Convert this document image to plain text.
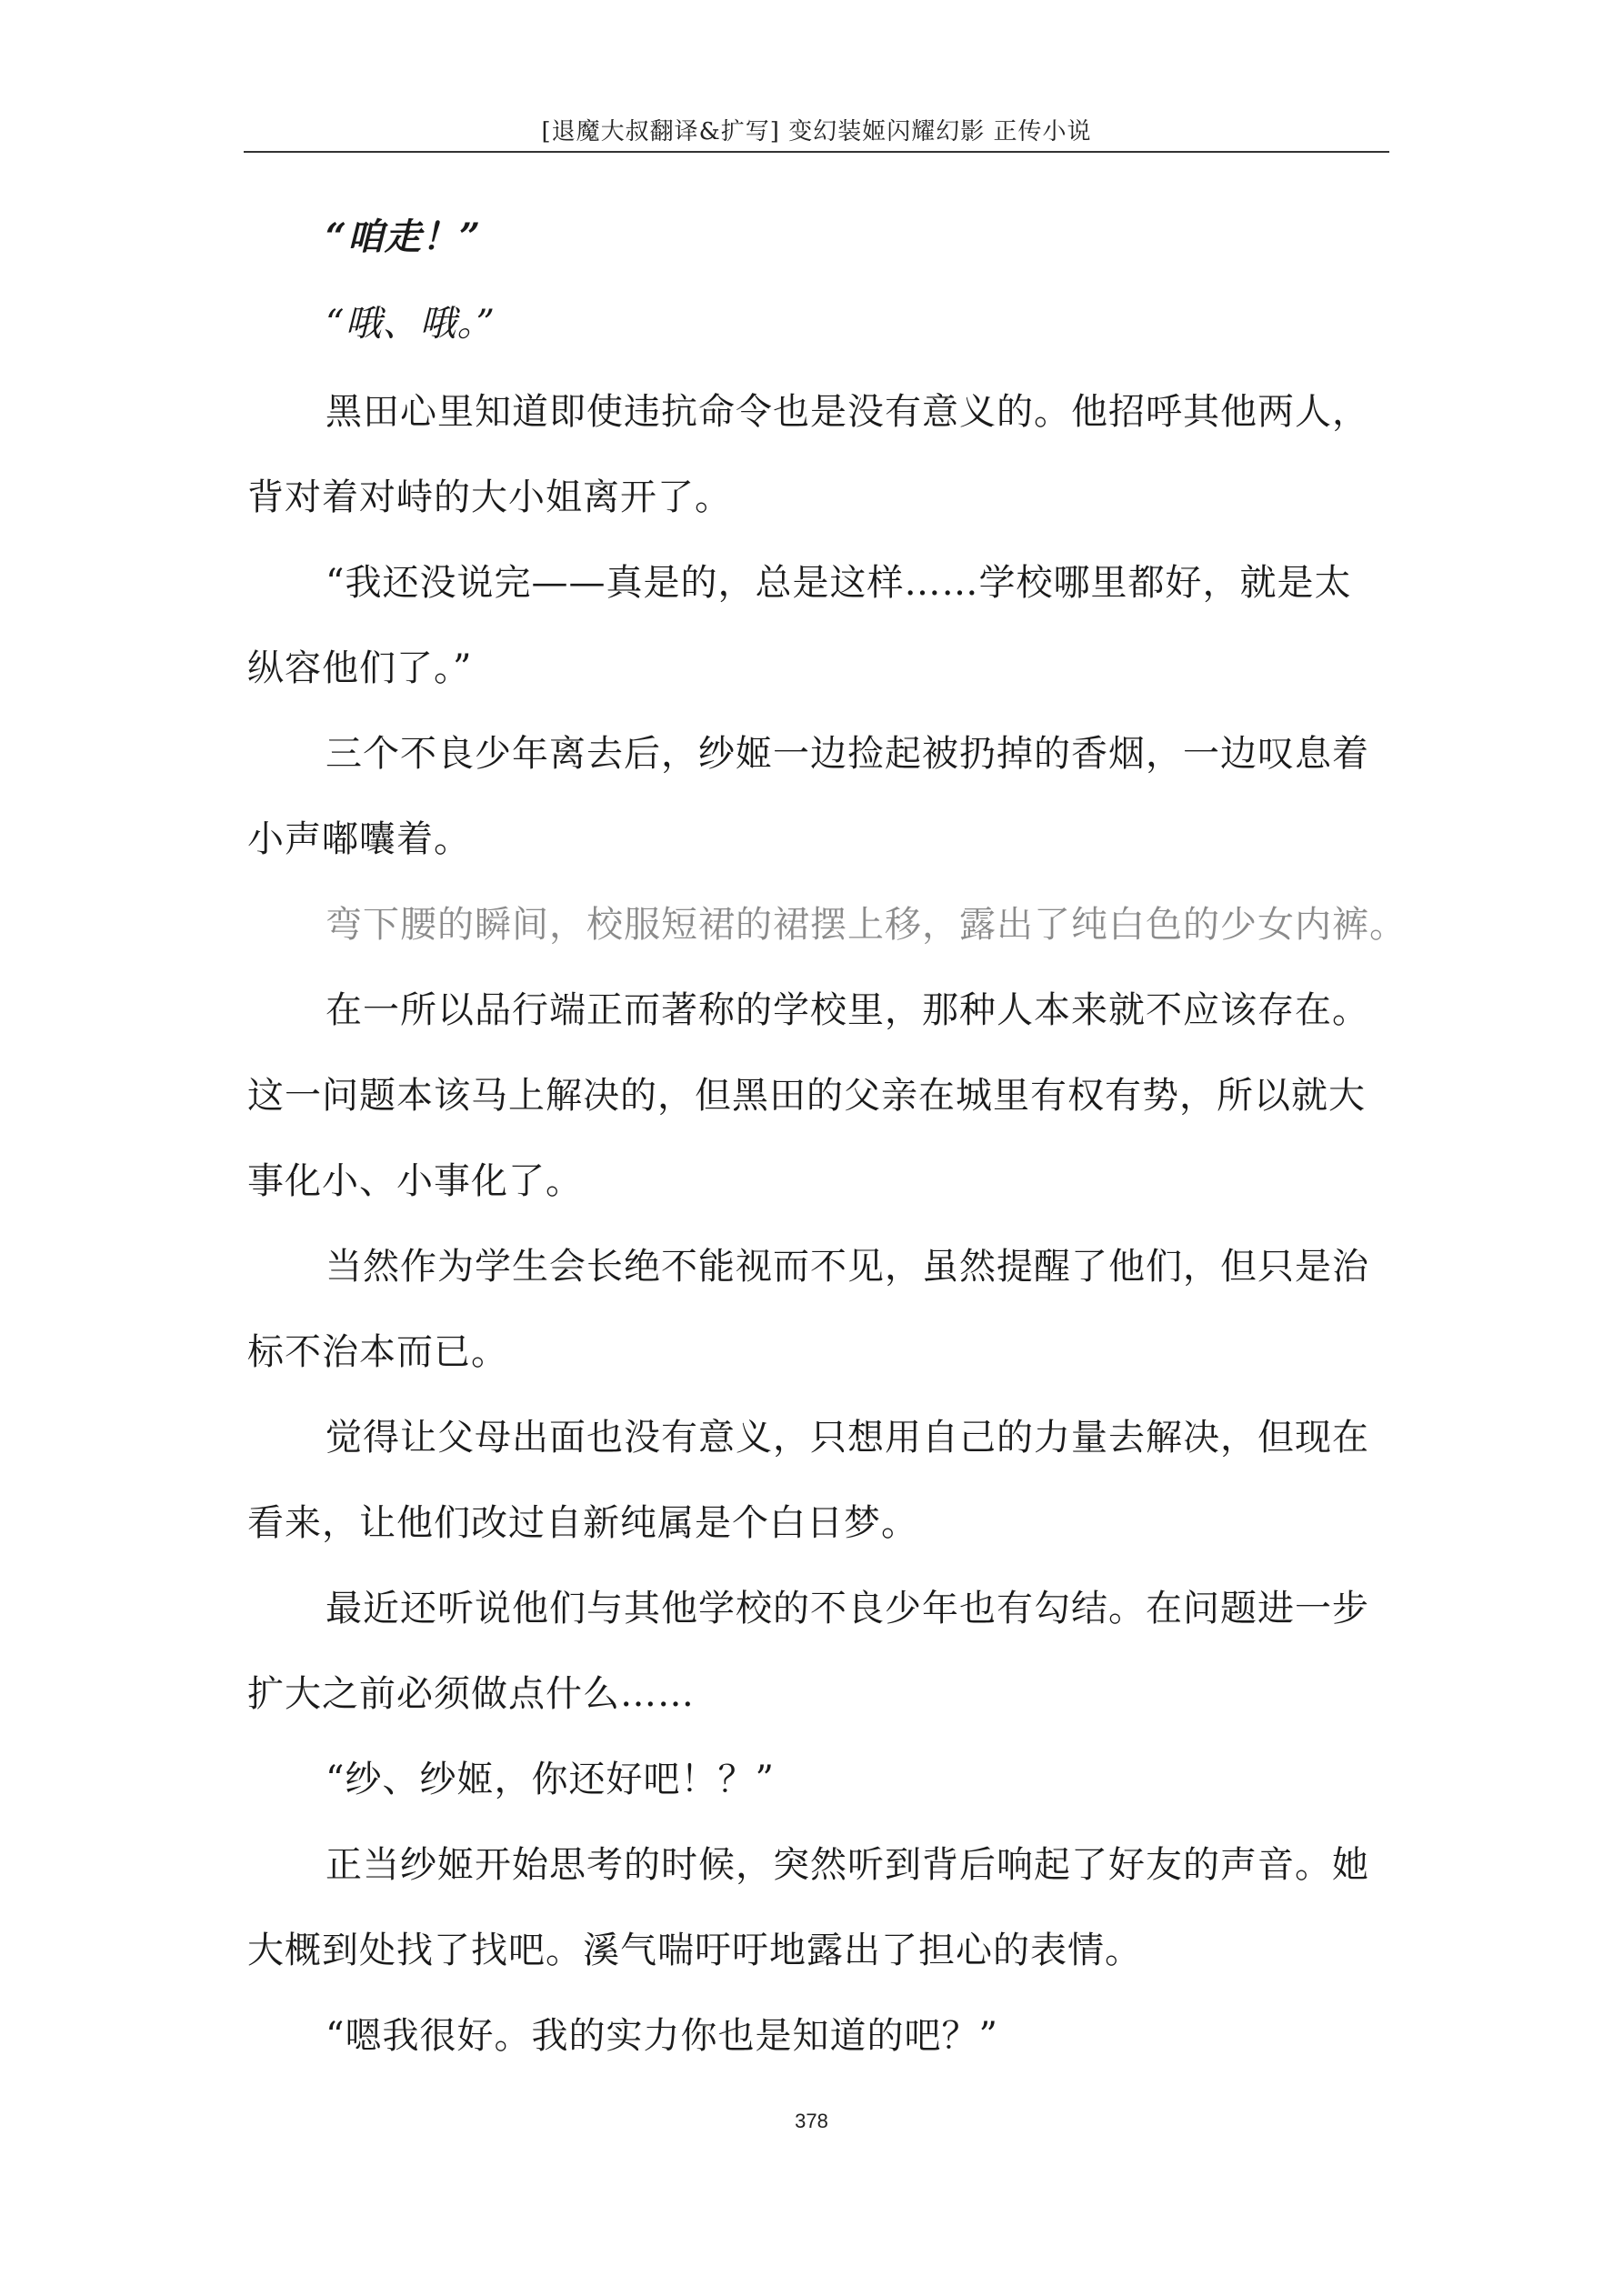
[退魔大叔翻译&扩写] 变幻装姬闪耀幻影 正传小说
“咱走！”
“哦、哦。”
黑田心里知道即使违抗命令也是没有意义的。他招呼其他两人，
背对着对峙的大小姐离开了。
“我还没说完——真是的，总是这样……学校哪里都好，就是太
纵容他们了。”
三个不良少年离去后，纱姬一边捡起被扔掉的香烟，一边叹息着
小声嘟囔着。
弯下腰的瞬间，校服短裙的裙摆上移，露出了纯白色的少女内裤。
在一所以品行端正而著称的学校里，那种人本来就不应该存在。
这一问题本该马上解决的，但黑田的父亲在城里有权有势，所以就大
事化小、小事化了。
当然作为学生会长绝不能视而不见，虽然提醒了他们，但只是治
标不治本而已。
觉得让父母出面也没有意义，只想用自己的力量去解决，但现在
看来，让他们改过自新纯属是个白日梦。
最近还听说他们与其他学校的不良少年也有勾结。在问题进一步
扩大之前必须做点什么……
“纱、纱姬，你还好吧！？”
正当纱姬开始思考的时候，突然听到背后响起了好友的声音。她
大概到处找了找吧。溪气喘吁吁地露出了担心的表情。
“嗯我很好。我的实力你也是知道的吧？”
378
